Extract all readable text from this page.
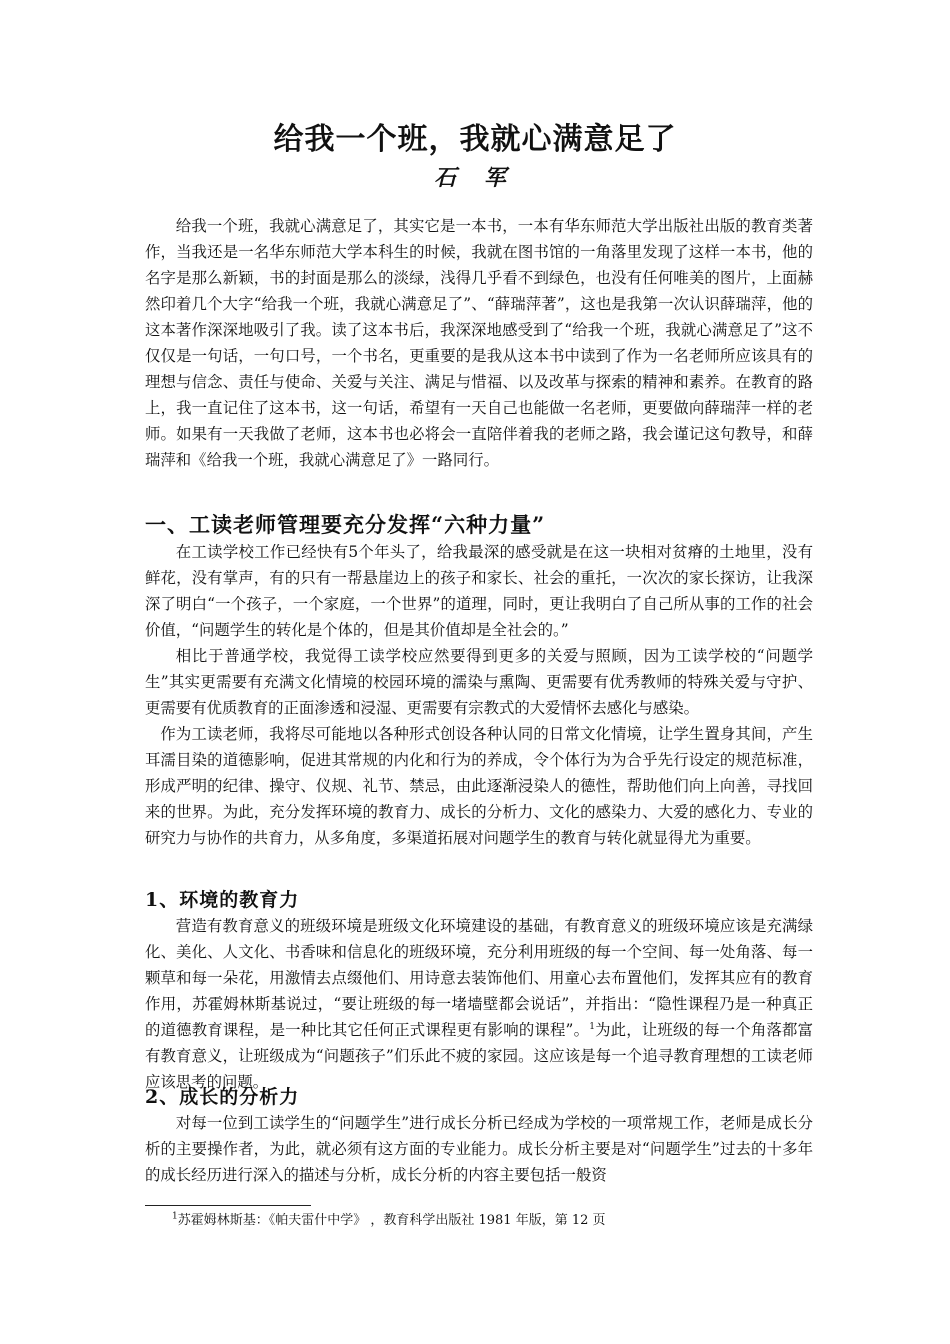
给我一个班，我就心满意足了
石 军

给我一个班，我就心满意足了，其实它是一本书，一本有华东师范大学出版社出版的教育类著作，当我还是一名华东师范大学本科生的时候，我就在图书馆的一角落里发现了这样一本书，他的名字是那么新颖，书的封面是那么的淡绿，浅得几乎看不到绿色，也没有任何唯美的图片，上面赫然印着几个大字“给我一个班，我就心满意足了”、“薛瑞萍著”，这也是我第一次认识薛瑞萍，他的这本著作深深地吸引了我。读了这本书后，我深深地感受到了“给我一个班，我就心满意足了”这不仅仅是一句话，一句口号，一个书名，更重要的是我从这本书中读到了作为一名老师所应该具有的理想与信念、责任与使命、关爱与关注、满足与惜福、以及改革与探索的精神和素养。在教育的路上，我一直记住了这本书，这一句话，希望有一天自己也能做一名老师，更要做向薛瑞萍一样的老师。如果有一天我做了老师，这本书也必将会一直陪伴着我的老师之路，我会谨记这句教导，和薛瑞萍和《给我一个班，我就心满意足了》一路同行。

一、工读老师管理要充分发挥“六种力量”

在工读学校工作已经快有5个年头了，给我最深的感受就是在这一块相对贫瘠的土地里，没有鲜花，没有掌声，有的只有一帮悬崖边上的孩子和家长、社会的重托，一次次的家长探访，让我深深了明白“一个孩子，一个家庭，一个世界”的道理，同时，更让我明白了自己所从事的工作的社会价值，“问题学生的转化是个体的，但是其价值却是全社会的。”

相比于普通学校，我觉得工读学校应然要得到更多的关爱与照顾，因为工读学校的“问题学生”其实更需要有充满文化情境的校园环境的濡染与熏陶、更需要有优秀教师的特殊关爱与守护、更需要有优质教育的正面渗透和浸湿、更需要有宗教式的大爱情怀去感化与感染。

作为工读老师，我将尽可能地以各种形式创设各种认同的日常文化情境，让学生置身其间，产生耳濡目染的道德影响，促进其常规的内化和行为的养成，令个体行为为合乎先行设定的规范标准，形成严明的纪律、操守、仪规、礼节、禁忌，由此逐渐浸染人的德性，帮助他们向上向善，寻找回来的世界。为此，充分发挥环境的教育力、成长的分析力、文化的感染力、大爱的感化力、专业的研究力与协作的共育力，从多角度，多渠道拓展对问题学生的教育与转化就显得尤为重要。

1、环境的教育力

营造有教育意义的班级环境是班级文化环境建设的基础，有教育意义的班级环境应该是充满绿化、美化、人文化、书香味和信息化的班级环境，充分利用班级的每一个空间、每一处角落、每一颗草和每一朵花，用激情去点缀他们、用诗意去装饰他们、用童心去布置他们，发挥其应有的教育作用，苏霍姆林斯基说过，“要让班级的每一堵墙壁都会说话”，并指出：“隐性课程乃是一种真正的道德教育课程，是一种比其它任何正式课程更有影响的课程”。$^1$为此，让班级的每一个角落都富有教育意义，让班级成为“问题孩子”们乐此不疲的家园。这应该是每一个追寻教育理想的工读老师应该思考的问题。

2、成长的分析力

对每一位到工读学生的“问题学生”进行成长分析已经成为学校的一项常规工作，老师是成长分析的主要操作者，为此，就必须有这方面的专业能力。成长分析主要是对“问题学生”过去的十多年的成长经历进行深入的描述与分析，成长分析的内容主要包括一般资

$^1$苏霍姆林斯基：《帕夫雷什中学》 ，教育科学出版社 1981 年版，第 12 页
